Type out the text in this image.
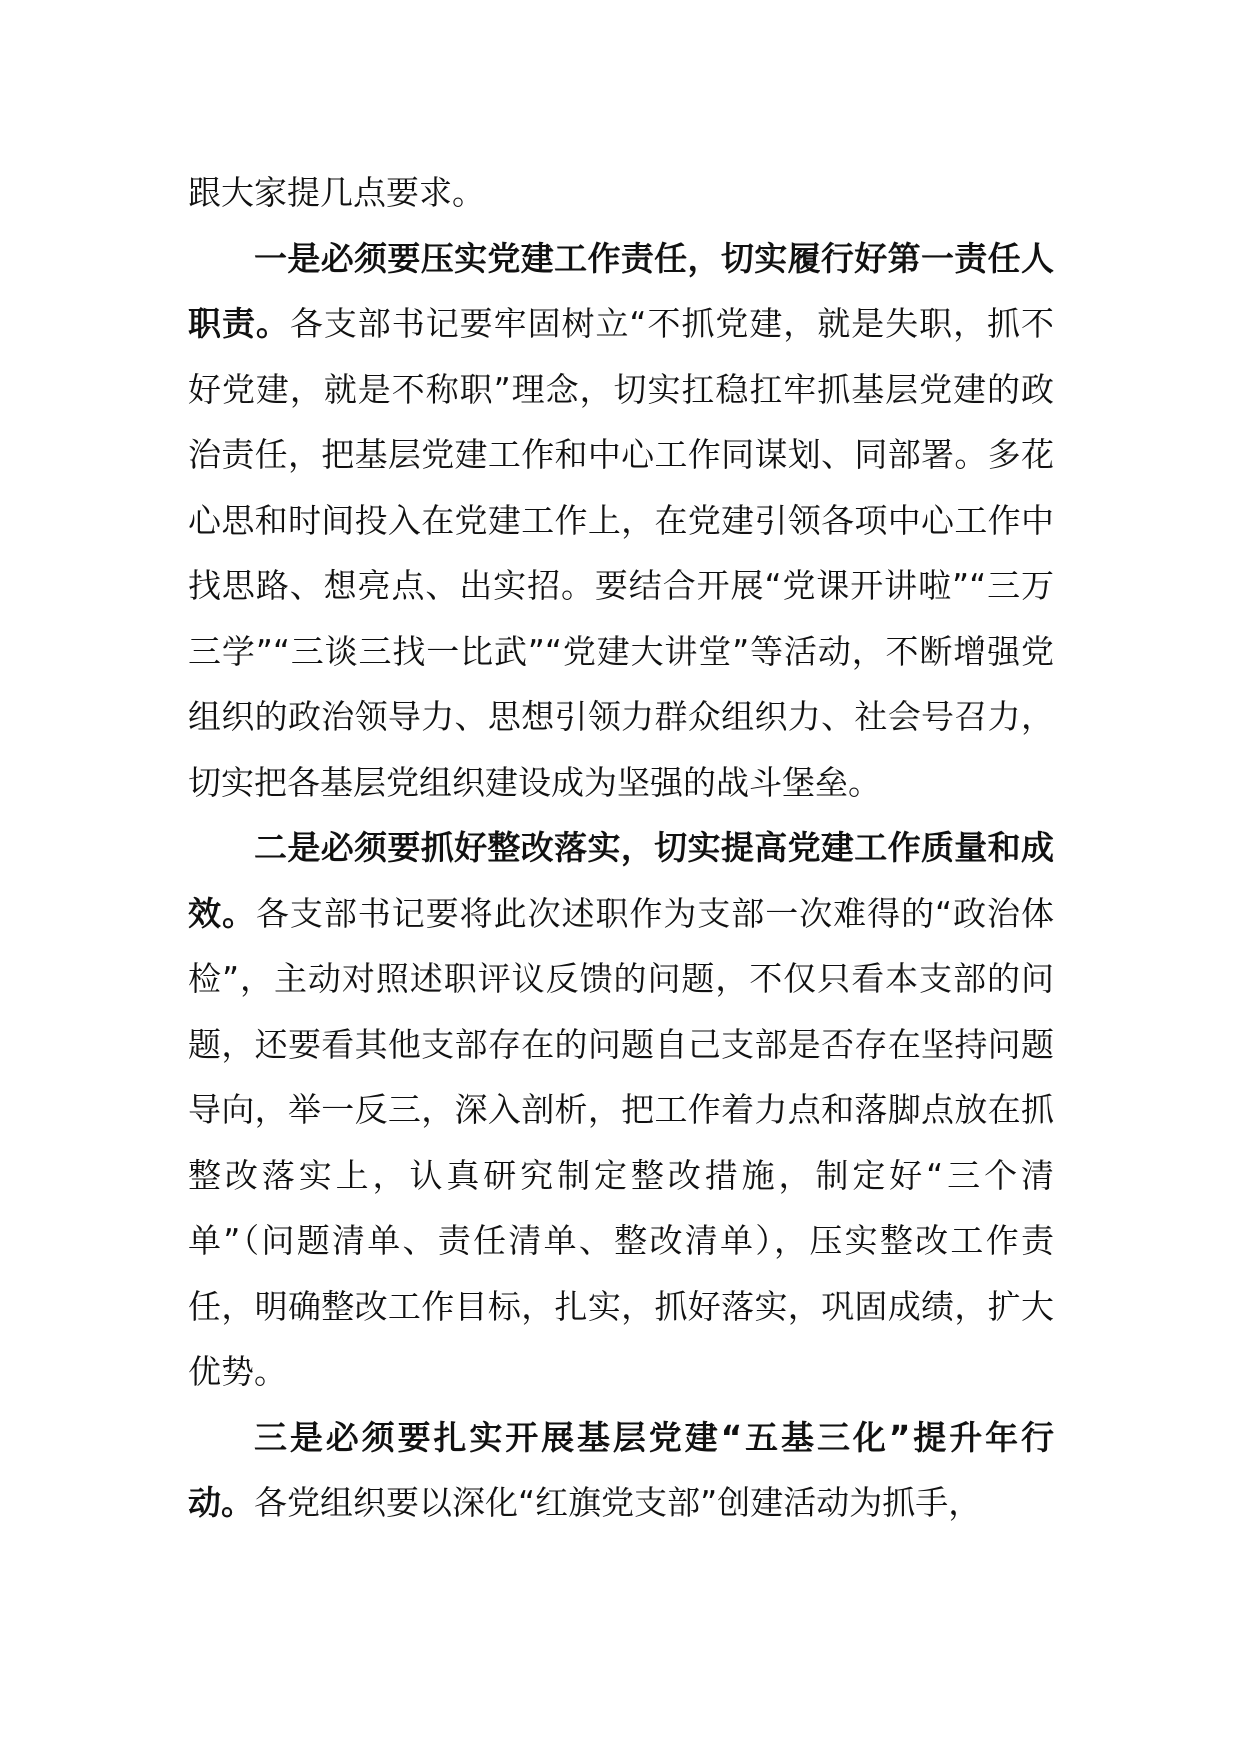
跟大家提几点要求。

一是必须要压实党建工作责任，切实履行好第一责任人职责。各支部书记要牢固树立“不抓党建，就是失职，抓不好党建，就是不称职”理念，切实扛稳扛牢抓基层党建的政治责任，把基层党建工作和中心工作同谋划、同部署。多花心思和时间投入在党建工作上，在党建引领各项中心工作中找思路、想亮点、出实招。要结合开展“党课开讲啦”“三万三学”“三谈三找一比武”“党建大讲堂”等活动，不断增强党组织的政治领导力、思想引领力群众组织力、社会号召力，切实把各基层党组织建设成为坚强的战斗堡垒。

二是必须要抓好整改落实，切实提高党建工作质量和成效。各支部书记要将此次述职作为支部一次难得的“政治体检”，主动对照述职评议反馈的问题，不仅只看本支部的问题，还要看其他支部存在的问题自己支部是否存在坚持问题导向，举一反三，深入剖析，把工作着力点和落脚点放在抓整改落实上，认真研究制定整改措施，制定好“三个清单”（问题清单、责任清单、整改清单），压实整改工作责任，明确整改工作目标，扎实，抓好落实，巩固成绩，扩大优势。

三是必须要扎实开展基层党建“五基三化”提升年行动。各党组织要以深化“红旗党支部”创建活动为抓手，
